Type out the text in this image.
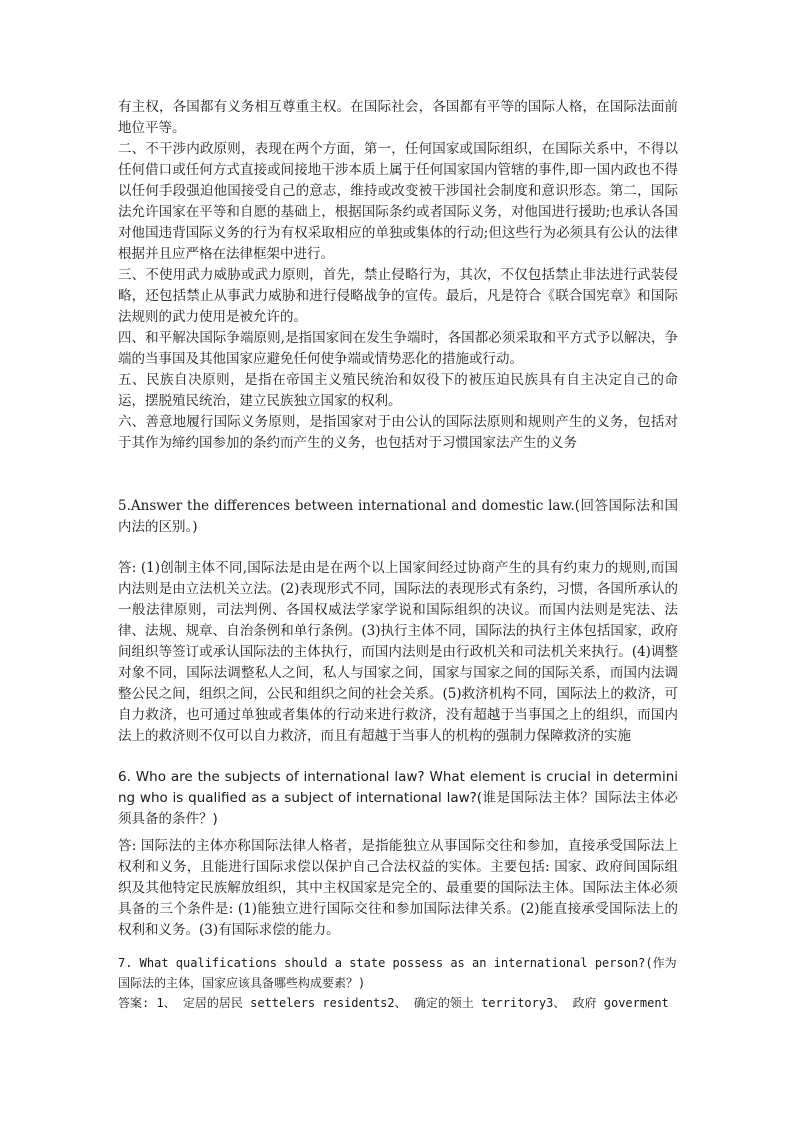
有主权，各国都有义务相互尊重主权。在国际社会，各国都有平等的国际人格，在国际法面前地位平等。

二、不干涉内政原则，表现在两个方面，第一，任何国家或国际组织，在国际关系中，不得以任何借口或任何方式直接或间接地干涉本质上属于任何国家国内管辖的事件,即一国内政也不得以任何手段强迫他国接受自己的意志，维持或改变被干涉国社会制度和意识形态。第二，国际法允许国家在平等和自愿的基础上，根据国际条约或者国际义务，对他国进行援助;也承认各国对他国违背国际义务的行为有权采取相应的单独或集体的行动;但这些行为必须具有公认的法律根据并且应严格在法律框架中进行。

三、不使用武力威胁或武力原则，首先，禁止侵略行为，其次，不仅包括禁止非法进行武装侵略，还包括禁止从事武力威胁和进行侵略战争的宣传。最后，凡是符合《联合国宪章》和国际法规则的武力使用是被允许的。

四、和平解决国际争端原则,是指国家间在发生争端时，各国都必须采取和平方式予以解决，争端的当事国及其他国家应避免任何使争端或情势恶化的措施或行动。

五、民族自决原则，是指在帝国主义殖民统治和奴役下的被压迫民族具有自主决定自己的命运，摆脱殖民统治，建立民族独立国家的权利。

六、善意地履行国际义务原则，是指国家对于由公认的国际法原则和规则产生的义务，包括对于其作为缔约国参加的条约而产生的义务，也包括对于习惯国家法产生的义务

5.Answer the differences between international and domestic law.(回答国际法和国内法的区别。)

答: (1)创制主体不同,国际法是由是在两个以上国家间经过协商产生的具有约束力的规则,而国内法则是由立法机关立法。(2)表现形式不同，国际法的表现形式有条约，习惯，各国所承认的一般法律原则，司法判例、各国权威法学家学说和国际组织的决议。而国内法则是宪法、法律、法规、规章、自治条例和单行条例。(3)执行主体不同，国际法的执行主体包括国家，政府间组织等签订或承认国际法的主体执行，而国内法则是由行政机关和司法机关来执行。(4)调整对象不同，国际法调整私人之间，私人与国家之间，国家与国家之间的国际关系，而国内法调整公民之间，组织之间，公民和组织之间的社会关系。(5)救济机构不同，国际法上的救济，可自力救济，也可通过单独或者集体的行动来进行救济，没有超越于当事国之上的组织，而国内法上的救济则不仅可以自力救济，而且有超越于当事人的机构的强制力保障救济的实施

6. Who are the subjects of international law? What element is crucial in determining who is qualified as a subject of international law?(谁是国际法主体？国际法主体必须具备的条件？)

答: 国际法的主体亦称国际法律人格者，是指能独立从事国际交往和参加，直接承受国际法上权利和义务，且能进行国际求偿以保护自己合法权益的实体。主要包括: 国家、政府间国际组织及其他特定民族解放组织，其中主权国家是完全的、最重要的国际法主体。国际法主体必须具备的三个条件是: (1)能独立进行国际交往和参加国际法律关系。(2)能直接承受国际法上的权利和义务。(3)有国际求偿的能力。

7. What qualifications should a state possess as an international person?(作为国际法的主体，国家应该具备哪些构成要素？)

答案: 1、 定居的居民 settelers residents2、 确定的领土 territory3、 政府 goverment
